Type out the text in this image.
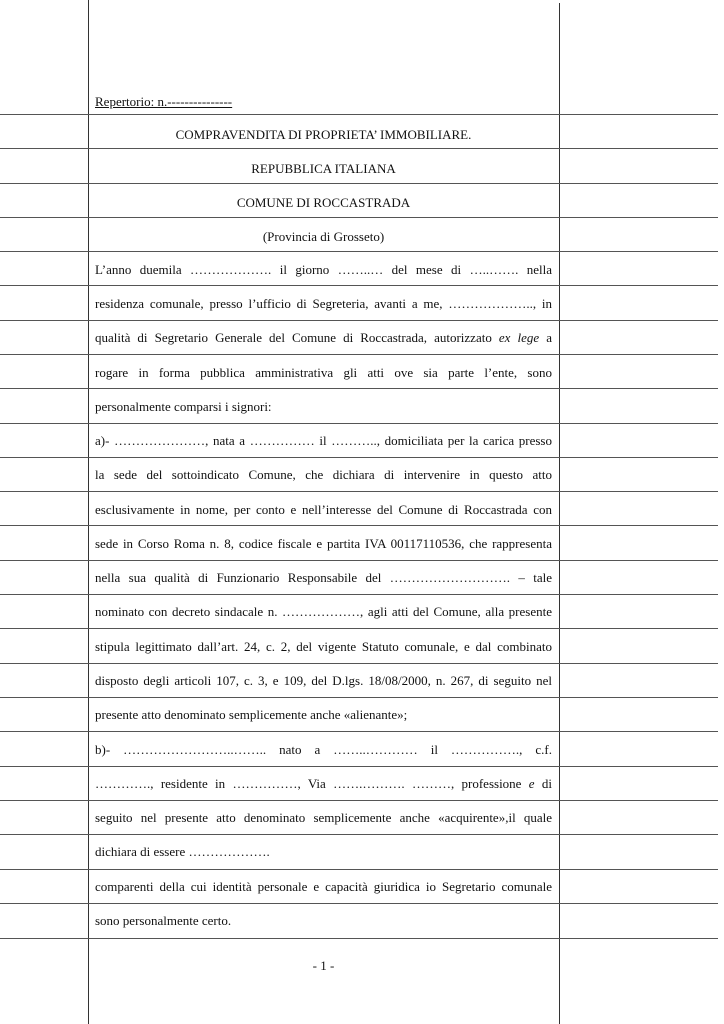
Repertorio: n.---------------

COMPRAVENDITA DI PROPRIETA’ IMMOBILIARE.

REPUBBLICA ITALIANA

COMUNE DI ROCCASTRADA

(Provincia di Grosseto)

L’anno duemila ………………. il giorno ……..… del mese di …..……. nella

residenza comunale, presso l’ufficio di Segreteria, avanti a me, ……………….., in

qualità di Segretario Generale del Comune di Roccastrada, autorizzato ex lege a

rogare in forma pubblica amministrativa gli atti ove sia parte l’ente, sono

personalmente comparsi i signori:

a)- …………………, nata a …………… il ……….., domiciliata per la carica presso

la sede del sottoindicato Comune, che dichiara di intervenire in questo atto

esclusivamente in nome, per conto e nell’interesse del Comune di Roccastrada con

sede in Corso Roma n. 8, codice fiscale e partita IVA 00117110536, che rappresenta

nella sua qualità di Funzionario Responsabile del ………………………. – tale

nominato con decreto sindacale n. ………………, agli atti del Comune, alla presente

stipula legittimato dall’art. 24, c. 2, del vigente Statuto comunale, e dal combinato

disposto degli articoli 107, c. 3, e 109, del D.lgs. 18/08/2000, n. 267, di seguito nel

presente atto denominato semplicemente anche «alienante»;

b)- ……………………..…….. nato a ……..………… il ……………., c.f.

…………., residente in ……………, Via …….………. ………, professione e di

seguito nel presente atto denominato semplicemente anche «acquirente»,il quale

dichiara di essere ……………….

comparenti della cui identità personale e capacità giuridica io Segretario comunale

sono personalmente certo.

- 1 -
